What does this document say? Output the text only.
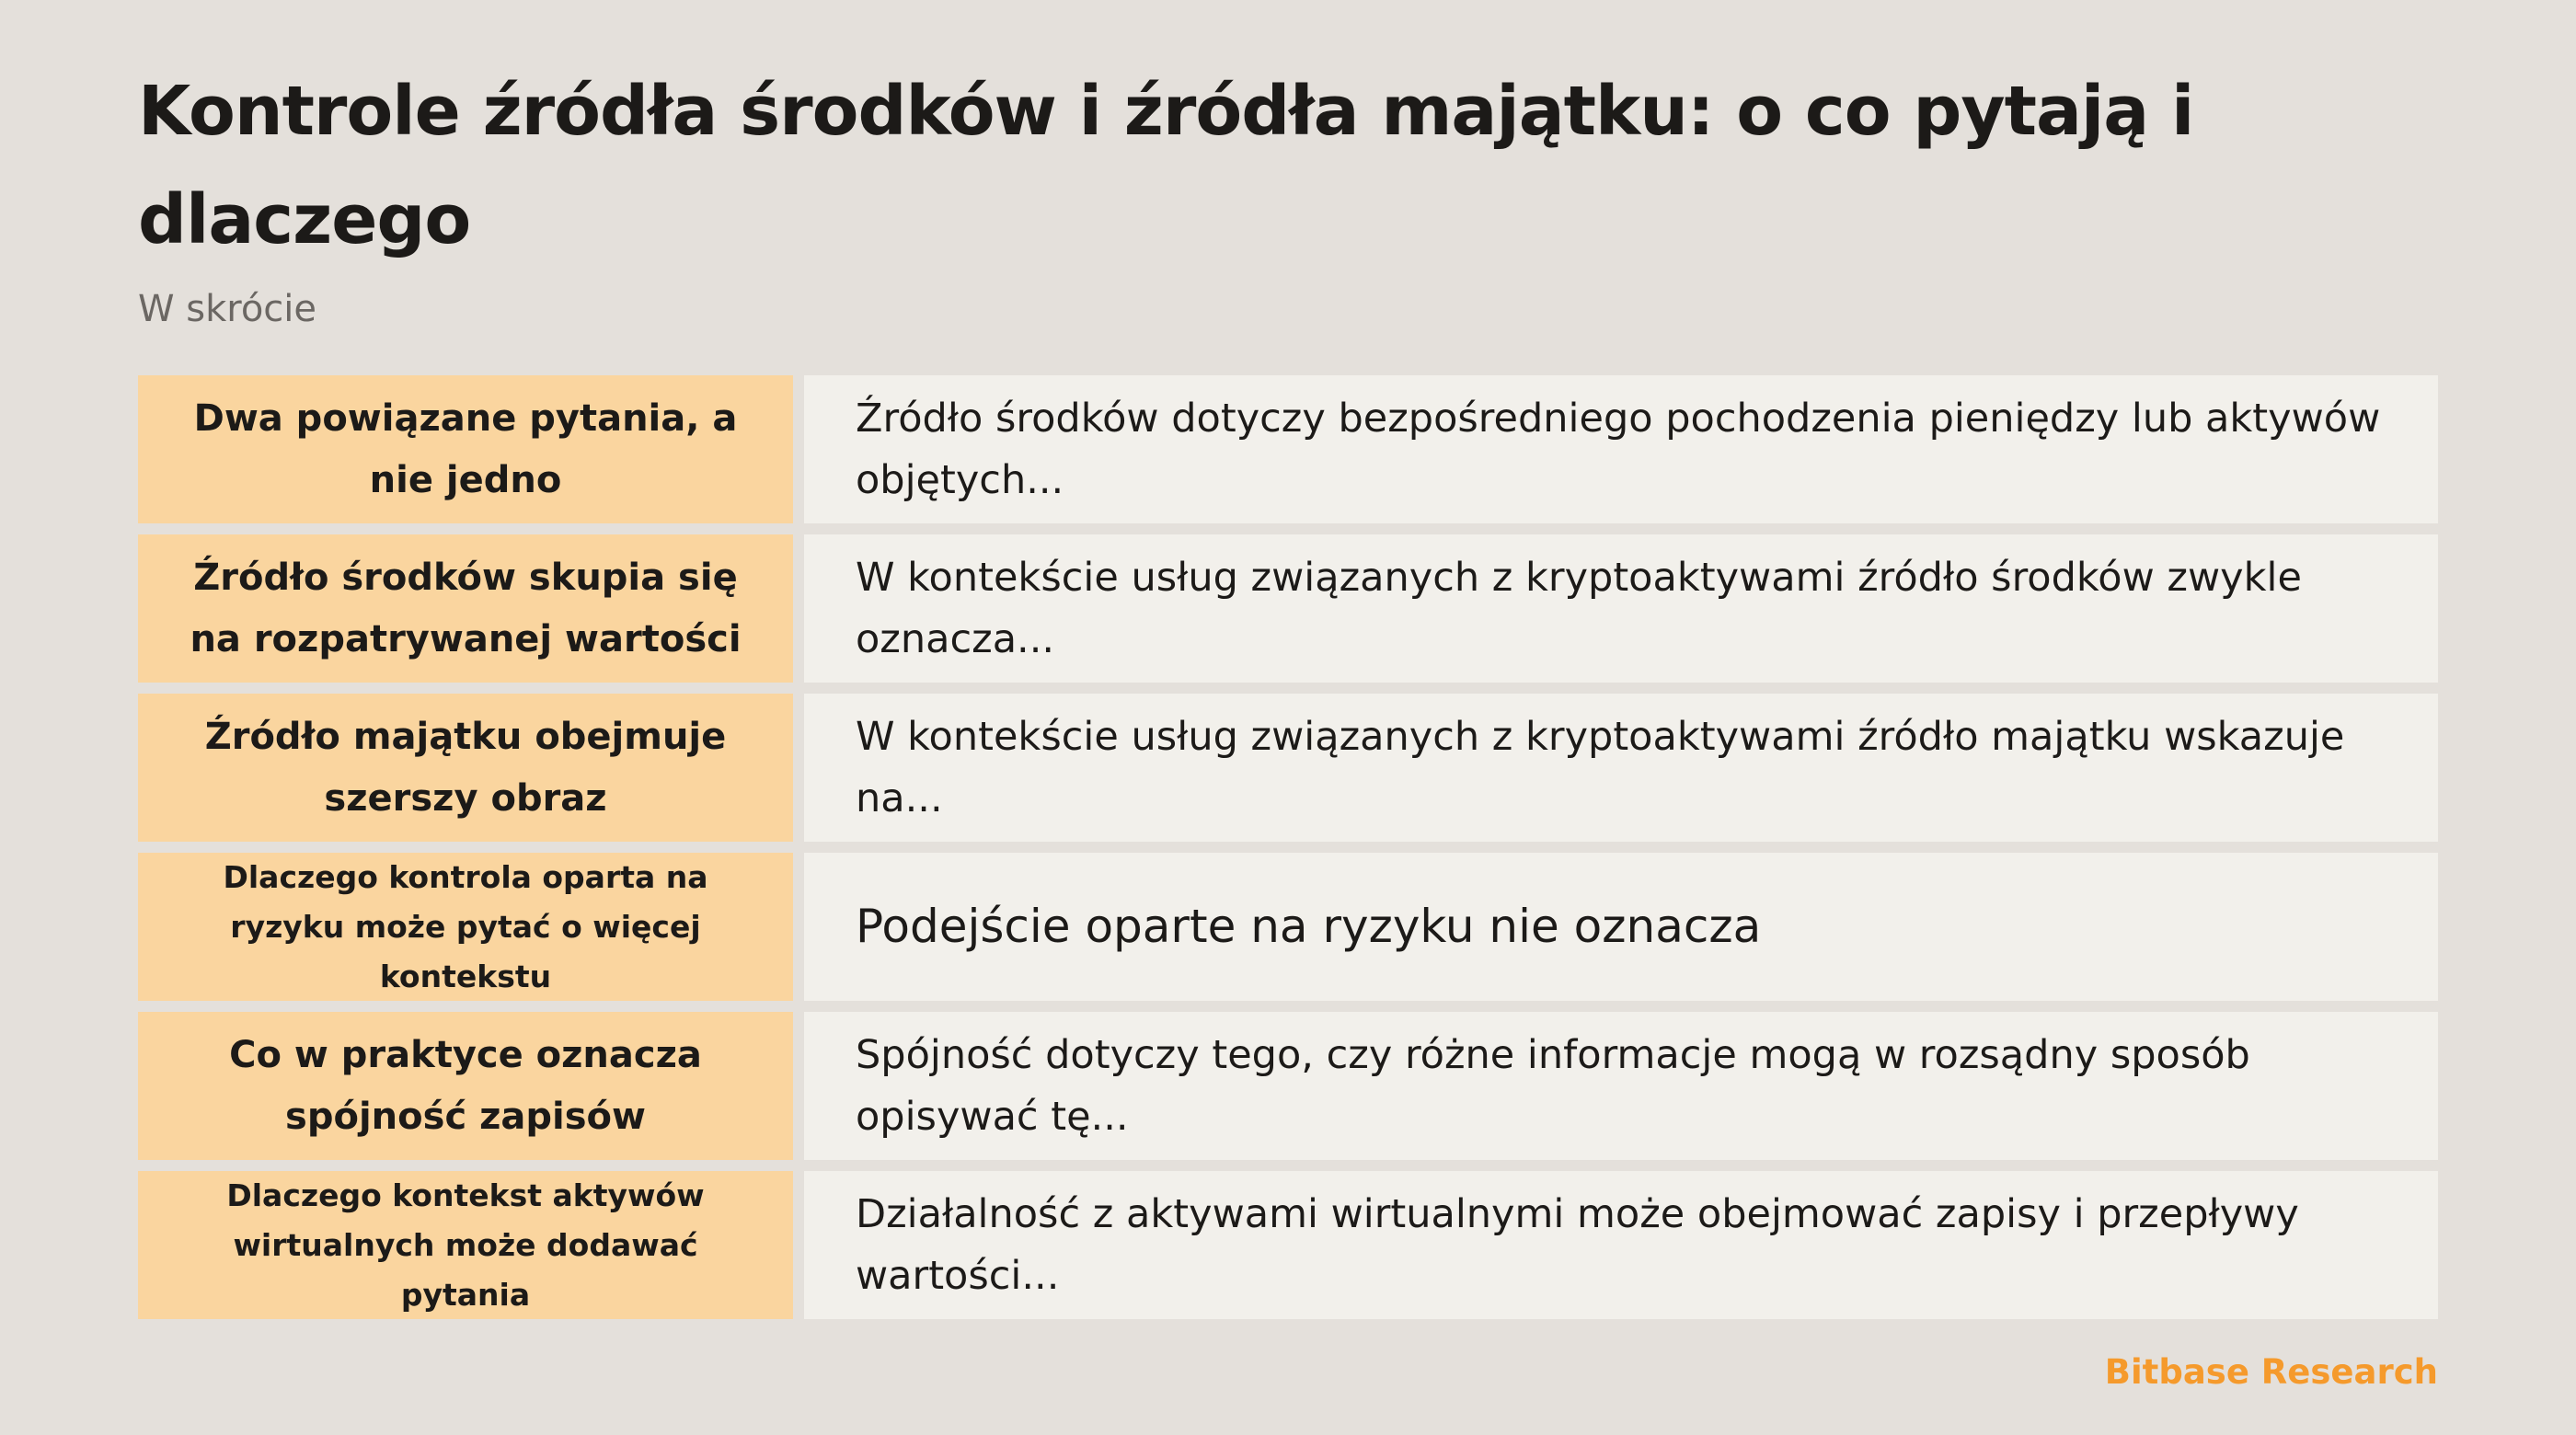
Kontrole źródła środków i źródła majątku: o co pytają i dlaczego
W skrócie
Dwa powiązane pytania, a nie jedno
Źródło środków dotyczy bezpośredniego pochodzenia pieniędzy lub aktywów objętych...
Źródło środków skupia się na rozpatrywanej wartości
W kontekście usług związanych z kryptoaktywami źródło środków zwykle oznacza...
Źródło majątku obejmuje szerszy obraz
W kontekście usług związanych z kryptoaktywami źródło majątku wskazuje na...
Dlaczego kontrola oparta na ryzyku może pytać o więcej kontekstu
Podejście oparte na ryzyku nie oznacza
Co w praktyce oznacza spójność zapisów
Spójność dotyczy tego, czy różne informacje mogą w rozsądny sposób opisywać tę...
Dlaczego kontekst aktywów wirtualnych może dodawać pytania
Działalność z aktywami wirtualnymi może obejmować zapisy i przepływy wartości...
Bitbase Research
